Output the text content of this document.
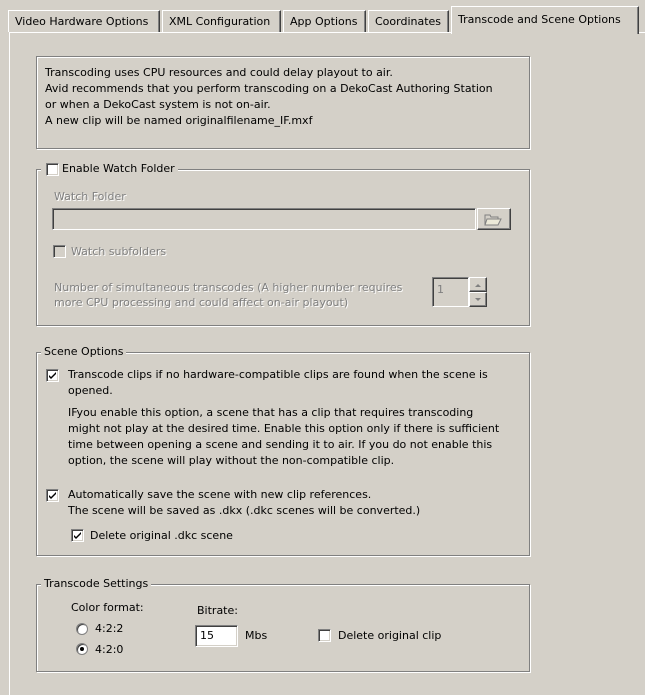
Video Hardware Options	XML Configuration	App Options	Coordinates	Transcode and Scene Options
Transcoding uses CPU resources and could delay playout to air.
Avid recommends that you perform transcoding on a DekoCast Authoring Station
or when a DekoCast system is not on-air.
A new clip will be named originalfilename_IF.mxf
Enable Watch Folder
Watch Folder
Watch subfolders
Number of simultaneous transcodes (A higher number requires
more CPU processing and could affect on-air playout)
1
Scene Options
Transcode clips if no hardware-compatible clips are found when the scene is
opened.
IFyou enable this option, a scene that has a clip that requires transcoding
might not play at the desired time. Enable this option only if there is sufficient
time between opening a scene and sending it to air. If you do not enable this
option, the scene will play without the non-compatible clip.
Automatically save the scene with new clip references.
The scene will be saved as .dkx (.dkc scenes will be converted.)
Delete original .dkc scene
Transcode Settings
Color format:
4:2:2
4:2:0
Bitrate:
15	Mbs	Delete original clip
